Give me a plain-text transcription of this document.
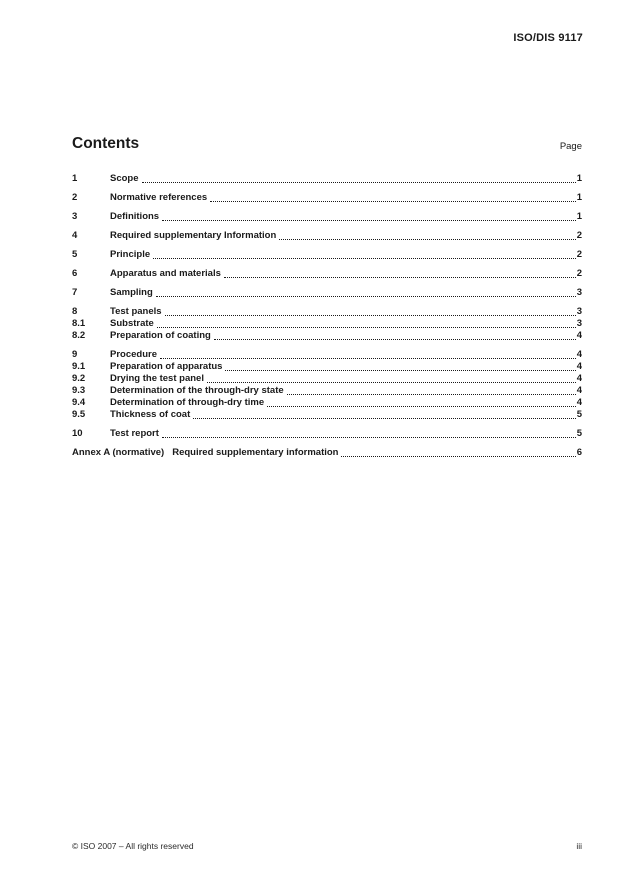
ISO/DIS 9117
Contents	Page
1	Scope	1
2	Normative references	1
3	Definitions	1
4	Required supplementary Information	2
5	Principle	2
6	Apparatus and materials	2
7	Sampling	3
8	Test panels	3
8.1	Substrate	3
8.2	Preparation of coating	4
9	Procedure	4
9.1	Preparation of apparatus	4
9.2	Drying the test panel	4
9.3	Determination of the through-dry state	4
9.4	Determination of through-dry time	4
9.5	Thickness of coat	5
10	Test report	5
Annex A (normative) Required supplementary information	6
© ISO 2007 – All rights reserved	iii
